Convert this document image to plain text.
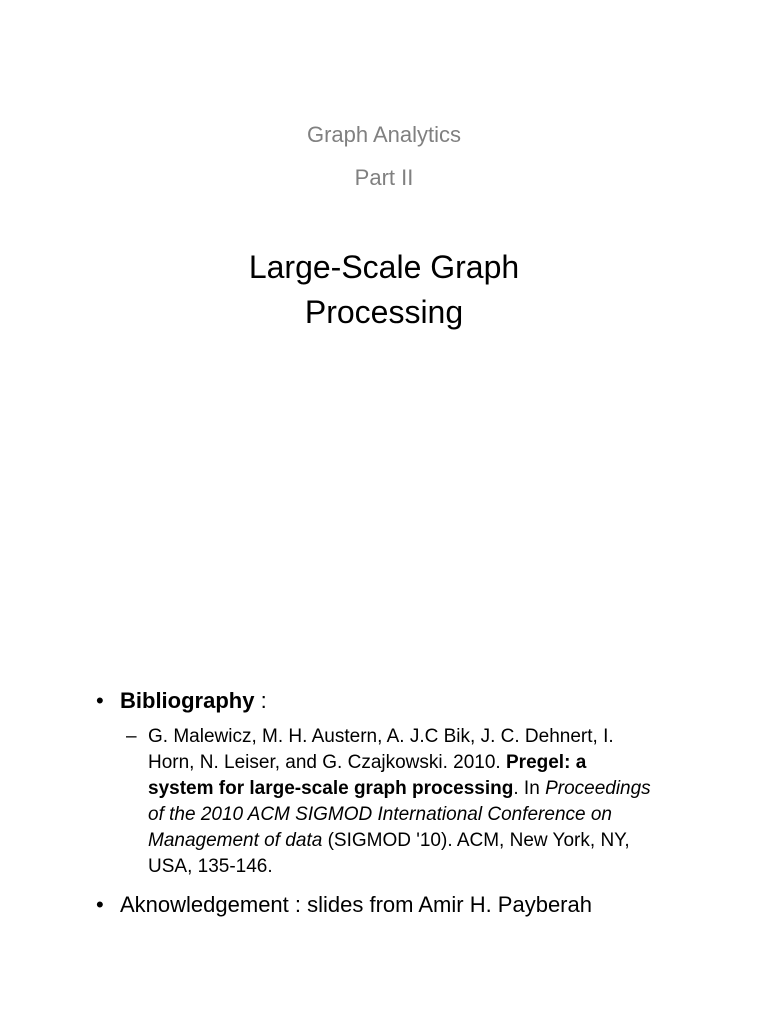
Graph Analytics
Part II
Large-Scale Graph
Processing
• Bibliography :
– G. Malewicz, M. H. Austern, A. J.C Bik, J. C. Dehnert, I. Horn, N. Leiser, and G. Czajkowski. 2010. Pregel: a system for large-scale graph processing. In Proceedings of the 2010 ACM SIGMOD International Conference on Management of data (SIGMOD '10). ACM, New York, NY, USA, 135-146.
• Aknowledgement : slides from Amir H. Payberah
